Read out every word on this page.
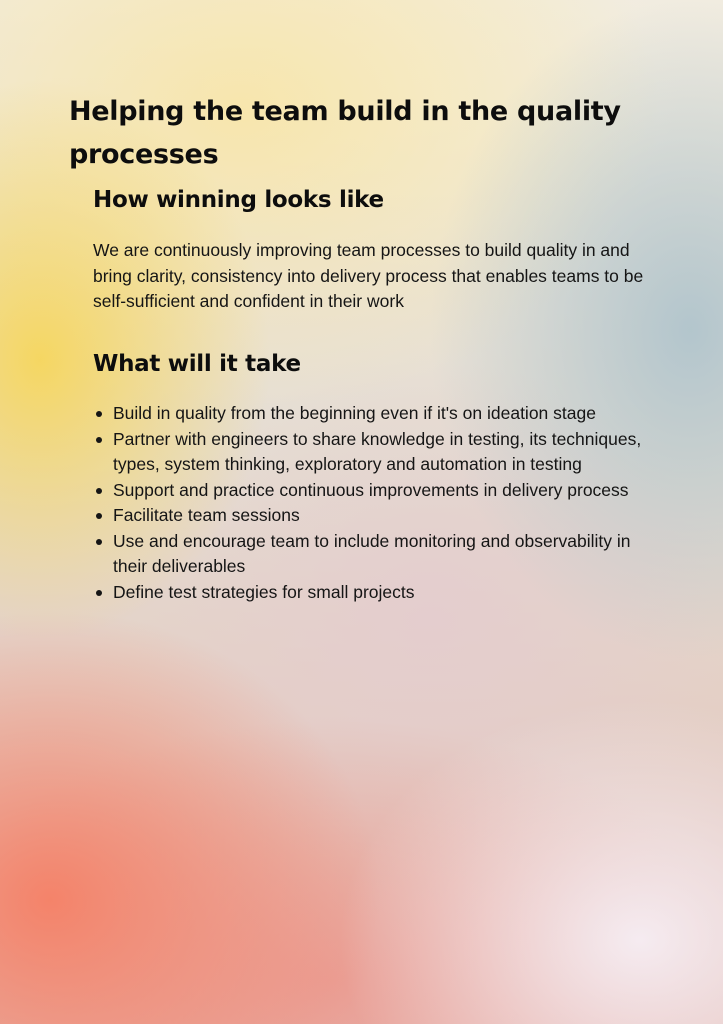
Helping the team build in the quality processes
How winning looks like

We are continuously improving team processes to build quality in and bring clarity, consistency into delivery process that enables teams to be self-sufficient and confident in their work

What will it take
Build in quality from the beginning even if it's on ideation stage
Partner with engineers to share knowledge in testing, its techniques, types, system thinking, exploratory and automation in testing
Support and practice continuous improvements in delivery process
Facilitate team sessions
Use and encourage team to include monitoring and observability in their deliverables
Define test strategies for small projects
